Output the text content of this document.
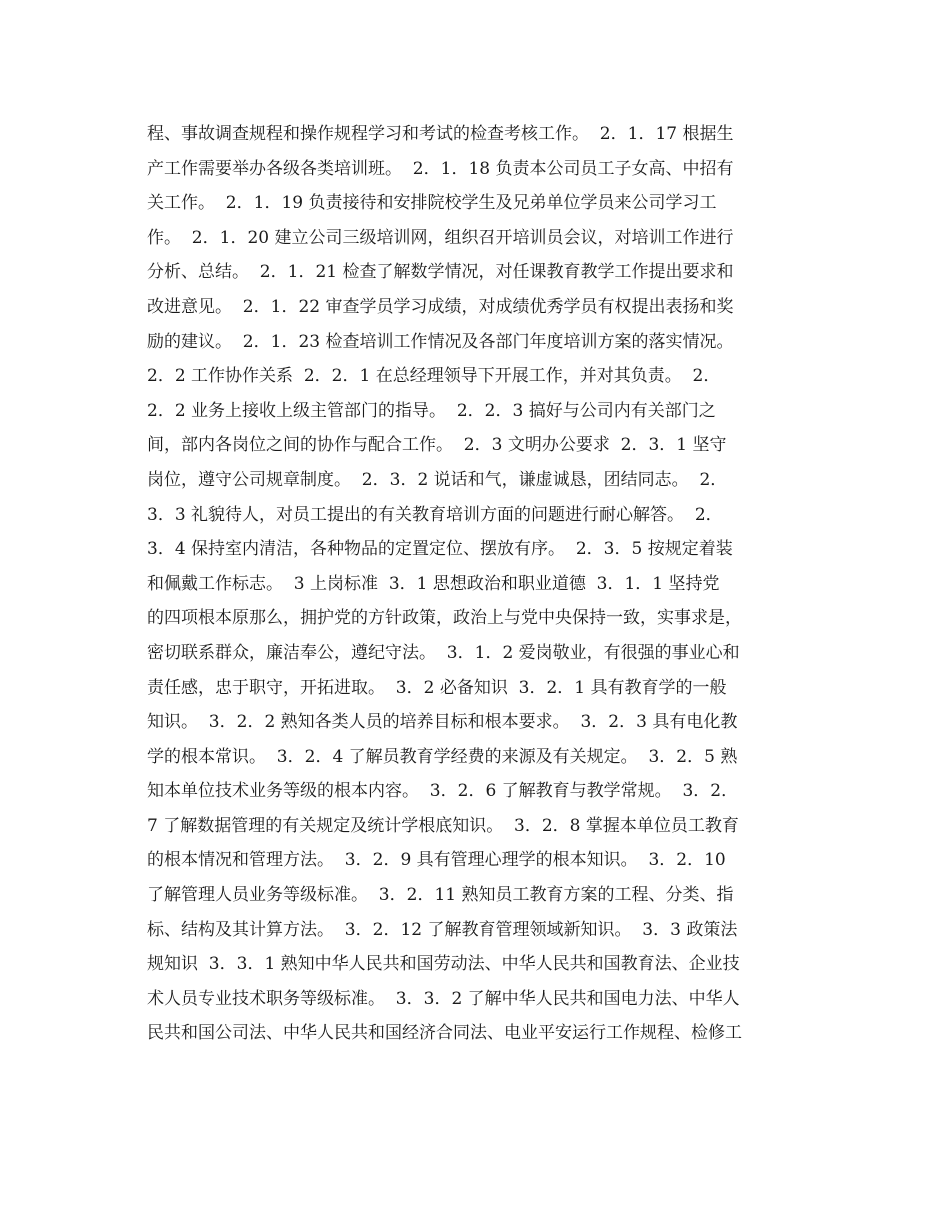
程、事故调查规程和操作规程学习和考试的检查考核工作。  2．1．17 根据生
产工作需要举办各级各类培训班。  2．1．18 负责本公司员工子女高、中招有
关工作。  2．1．19 负责接待和安排院校学生及兄弟单位学员来公司学习工
作。  2．1．20 建立公司三级培训网，组织召开培训员会议，对培训工作进行
分析、总结。  2．1．21 检查了解数学情况，对任课教育教学工作提出要求和
改进意见。  2．1．22 审查学员学习成绩，对成绩优秀学员有权提出表扬和奖
励的建议。  2．1．23 检查培训工作情况及各部门年度培训方案的落实情况。
2．2 工作协作关系  2．2．1 在总经理领导下开展工作，并对其负责。  2．
2．2 业务上接收上级主管部门的指导。  2．2．3 搞好与公司内有关部门之
间，部内各岗位之间的协作与配合工作。  2．3 文明办公要求  2．3．1 坚守
岗位，遵守公司规章制度。  2．3．2 说话和气，谦虚诚恳，团结同志。  2．
3．3 礼貌待人，对员工提出的有关教育培训方面的问题进行耐心解答。  2．
3．4 保持室内清洁，各种物品的定置定位、摆放有序。  2．3．5 按规定着装
和佩戴工作标志。  3 上岗标准  3．1 思想政治和职业道德  3．1．1 坚持党
的四项根本原那么，拥护党的方针政策，政治上与党中央保持一致，实事求是，
密切联系群众，廉洁奉公，遵纪守法。  3．1．2 爱岗敬业，有很强的事业心和
责任感，忠于职守，开拓进取。  3．2 必备知识  3．2．1 具有教育学的一般
知识。  3．2．2 熟知各类人员的培养目标和根本要求。  3．2．3 具有电化教
学的根本常识。  3．2．4 了解员教育学经费的来源及有关规定。  3．2．5 熟
知本单位技术业务等级的根本内容。  3．2．6 了解教育与教学常规。  3．2．
7 了解数据管理的有关规定及统计学根底知识。  3．2．8 掌握本单位员工教育
的根本情况和管理方法。  3．2．9 具有管理心理学的根本知识。  3．2．10
了解管理人员业务等级标准。  3．2．11 熟知员工教育方案的工程、分类、指
标、结构及其计算方法。  3．2．12 了解教育管理领域新知识。  3．3 政策法
规知识  3．3．1 熟知中华人民共和国劳动法、中华人民共和国教育法、企业技
术人员专业技术职务等级标准。  3．3．2 了解中华人民共和国电力法、中华人
民共和国公司法、中华人民共和国经济合同法、电业平安运行工作规程、检修工
